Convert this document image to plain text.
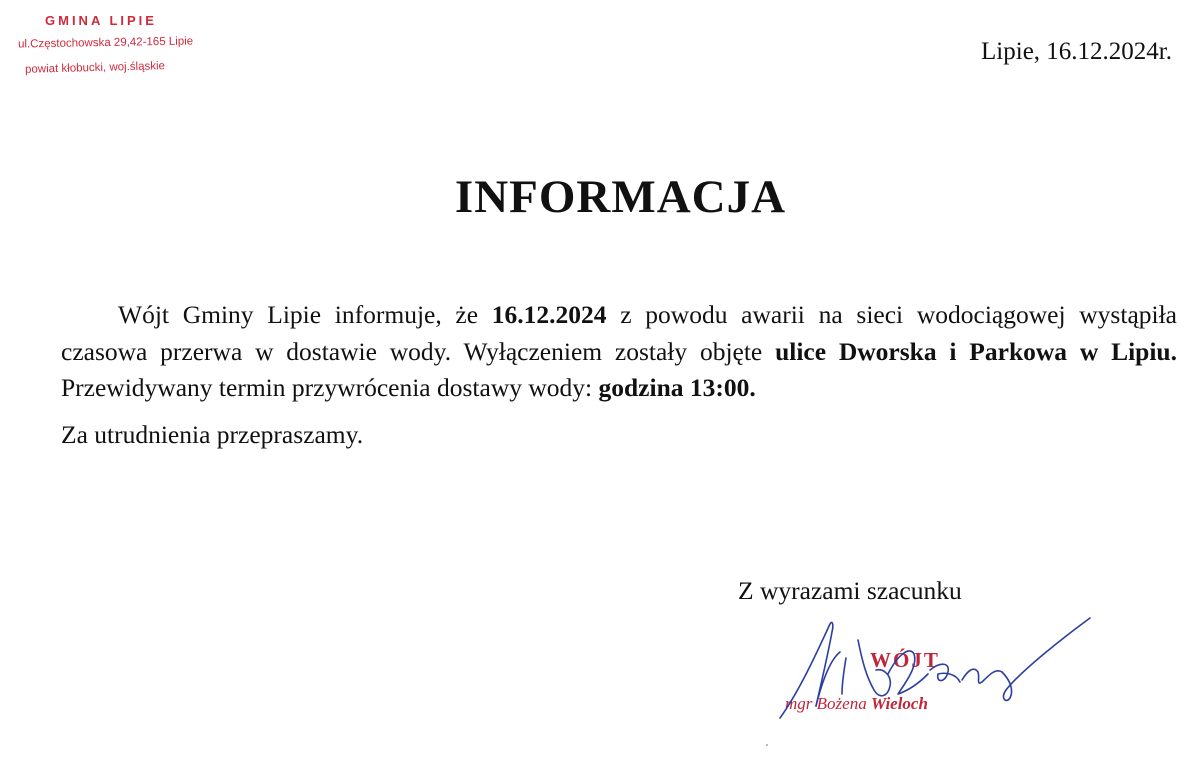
GMINA LIPIE
ul.Częstochowska 29,42-165 Lipie
powiat kłobucki, woj.śląskie
Lipie, 16.12.2024r.
INFORMACJA

Wójt Gminy Lipie informuje, że 16.12.2024 z powodu awarii na sieci wodociągowej wystąpiła czasowa przerwa w dostawie wody. Wyłączeniem zostały objęte ulice Dworska i Parkowa w Lipiu. Przewidywany termin przywrócenia dostawy wody: godzina 13:00.

Za utrudnienia przepraszamy.

Z wyrazami szacunku
WÓJT
mgr Bożena Wieloch
